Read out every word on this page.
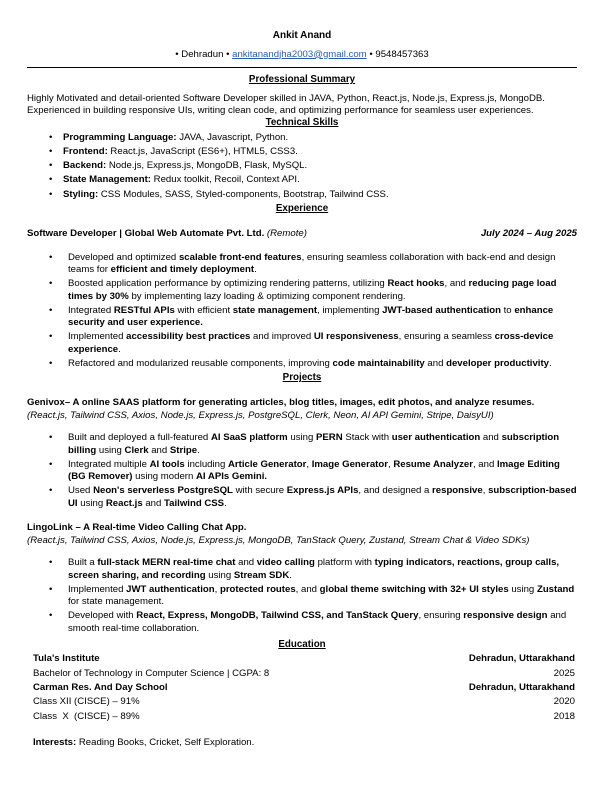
Ankit Anand
• Dehradun • ankitanandjha2003@gmail.com • 9548457363
Professional Summary
Highly Motivated and detail-oriented Software Developer skilled in JAVA, Python, React.js, Node.js, Express.js, MongoDB. Experienced in building responsive UIs, writing clean code, and optimizing performance for seamless user experiences.
Technical Skills
• Programming Language: JAVA, Javascript, Python.
• Frontend: React.js, JavaScript (ES6+), HTML5, CSS3.
• Backend: Node.js, Express.js, MongoDB, Flask, MySQL.
• State Management: Redux toolkit, Recoil, Context API.
• Styling: CSS Modules, SASS, Styled-components, Bootstrap, Tailwind CSS.
Experience
Software Developer | Global Web Automate Pvt. Ltd. (Remote)	July 2024 – Aug 2025
• Developed and optimized scalable front-end features, ensuring seamless collaboration with back-end and design teams for efficient and timely deployment.
• Boosted application performance by optimizing rendering patterns, utilizing React hooks, and reducing page load times by 30% by implementing lazy loading & optimizing component rendering.
• Integrated RESTful APIs with efficient state management, implementing JWT-based authentication to enhance security and user experience.
• Implemented accessibility best practices and improved UI responsiveness, ensuring a seamless cross-device experience.
• Refactored and modularized reusable components, improving code maintainability and developer productivity.
Projects
Genivox– A online SAAS platform for generating articles, blog titles, images, edit photos, and analyze resumes.
(React.js, Tailwind CSS, Axios, Node.js, Express.js, PostgreSQL, Clerk, Neon, AI API Gemini, Stripe, DaisyUI)
• Built and deployed a full-featured AI SaaS platform using PERN Stack with user authentication and subscription billing using Clerk and Stripe.
• Integrated multiple AI tools including Article Generator, Image Generator, Resume Analyzer, and Image Editing (BG Remover) using modern AI APIs Gemini.
• Used Neon's serverless PostgreSQL with secure Express.js APIs, and designed a responsive, subscription-based UI using React.js and Tailwind CSS.
LingoLink – A Real-time Video Calling Chat App.
(React.js, Tailwind CSS, Axios, Node.js, Express.js, MongoDB, TanStack Query, Zustand, Stream Chat & Video SDKs)
• Built a full-stack MERN real-time chat and video calling platform with typing indicators, reactions, group calls, screen sharing, and recording using Stream SDK.
• Implemented JWT authentication, protected routes, and global theme switching with 32+ UI styles using Zustand for state management.
• Developed with React, Express, MongoDB, Tailwind CSS, and TanStack Query, ensuring responsive design and smooth real-time collaboration.
Education
Tula's Institute	Dehradun, Uttarakhand
Bachelor of Technology in Computer Science | CGPA: 8	2025
Carman Res. And Day School	Dehradun, Uttarakhand
Class XII (CISCE) – 91%	2020
Class  X  (CISCE) – 89%	2018
Interests: Reading Books, Cricket, Self Exploration.
